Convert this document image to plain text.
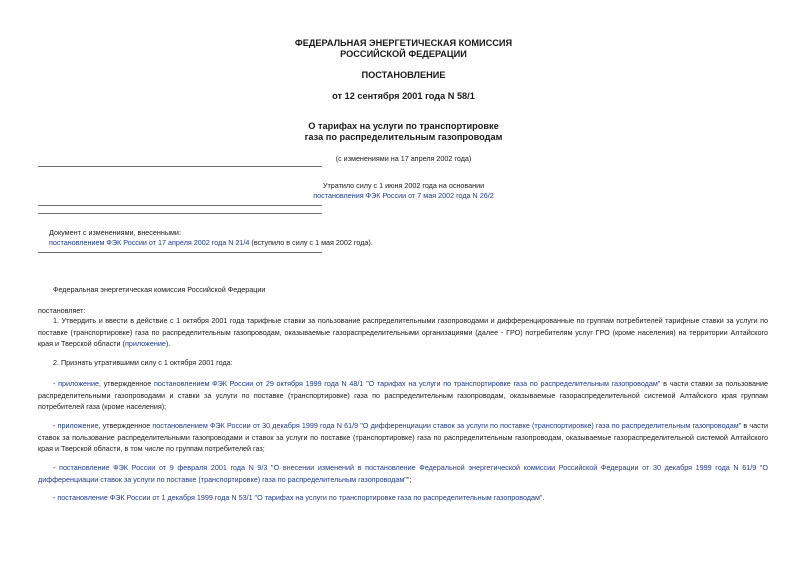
ФЕДЕРАЛЬНАЯ ЭНЕРГЕТИЧЕСКАЯ КОМИССИЯ
РОССИЙСКОЙ ФЕДЕРАЦИИ
ПОСТАНОВЛЕНИЕ
от 12 сентября 2001 года N 58/1
О тарифах на услуги по транспортировке
газа по распределительным газопроводам
(с изменениями на 17 апреля 2002 года)
Утратило силу с 1 июня 2002 года на основании
постановления ФЭК России от 7 мая 2002 года N 26/2
Документ с изменениями, внесенными:
постановлением ФЭК России от 17 апреля 2002 года N 21/4 (вступило в силу с 1 мая 2002 года).
Федеральная энергетическая комиссия Российской Федерации
постановляет:
1. Утвердить и ввести в действие с 1 октября 2001 года тарифные ставки за пользование распределительными газопроводами и дифференцированные по группам потребителей тарифные ставки за услуги по поставке (транспортировке) газа по распределительным газопроводам, оказываемые газораспределительными организациями (далее - ГРО) потребителям услуг ГРО (кроме населения) на территории Алтайского края и Тверской области (приложение).
2. Признать утратившими силу с 1 октября 2001 года:
- приложение, утвержденное постановлением ФЭК России от 29 октября 1999 года N 48/1 "О тарифах на услуги по транспортировке газа по распределительным газопроводам" в части ставки за пользование распределительными газопроводами и ставки за услуги по поставке (транспортировке) газа по распределительным газопроводам, оказываемые газораспределительной системой Алтайского края группам потребителей газа (кроме населения);
- приложение, утвержденное постановлением ФЭК России от 30 декабря 1999 года N 61/9 "О дифференциации ставок за услуги по поставке (транспортировке) газа по распределительным газопроводам" в части ставок за пользование распределительными газопроводами и ставок за услуги по поставке (транспортировке) газа по распределительным газопроводам, оказываемые газораспределительной системой Алтайского края и Тверской области, в том числе по группам потребителей газ;
- постановление ФЭК России от 9 февраля 2001 года N 9/3 "О внесении изменений в постановление Федеральной энергетической комиссии Российской Федерации от 30 декабря 1999 года N 61/9 "О дифференциации ставок за услуги по поставке (транспортировке) газа по распределительным газопроводам"";
- постановление ФЭК России от 1 декабря 1999 года N 53/1 "О тарифах на услуги по транспортировке газа по распределительным газопроводам".
